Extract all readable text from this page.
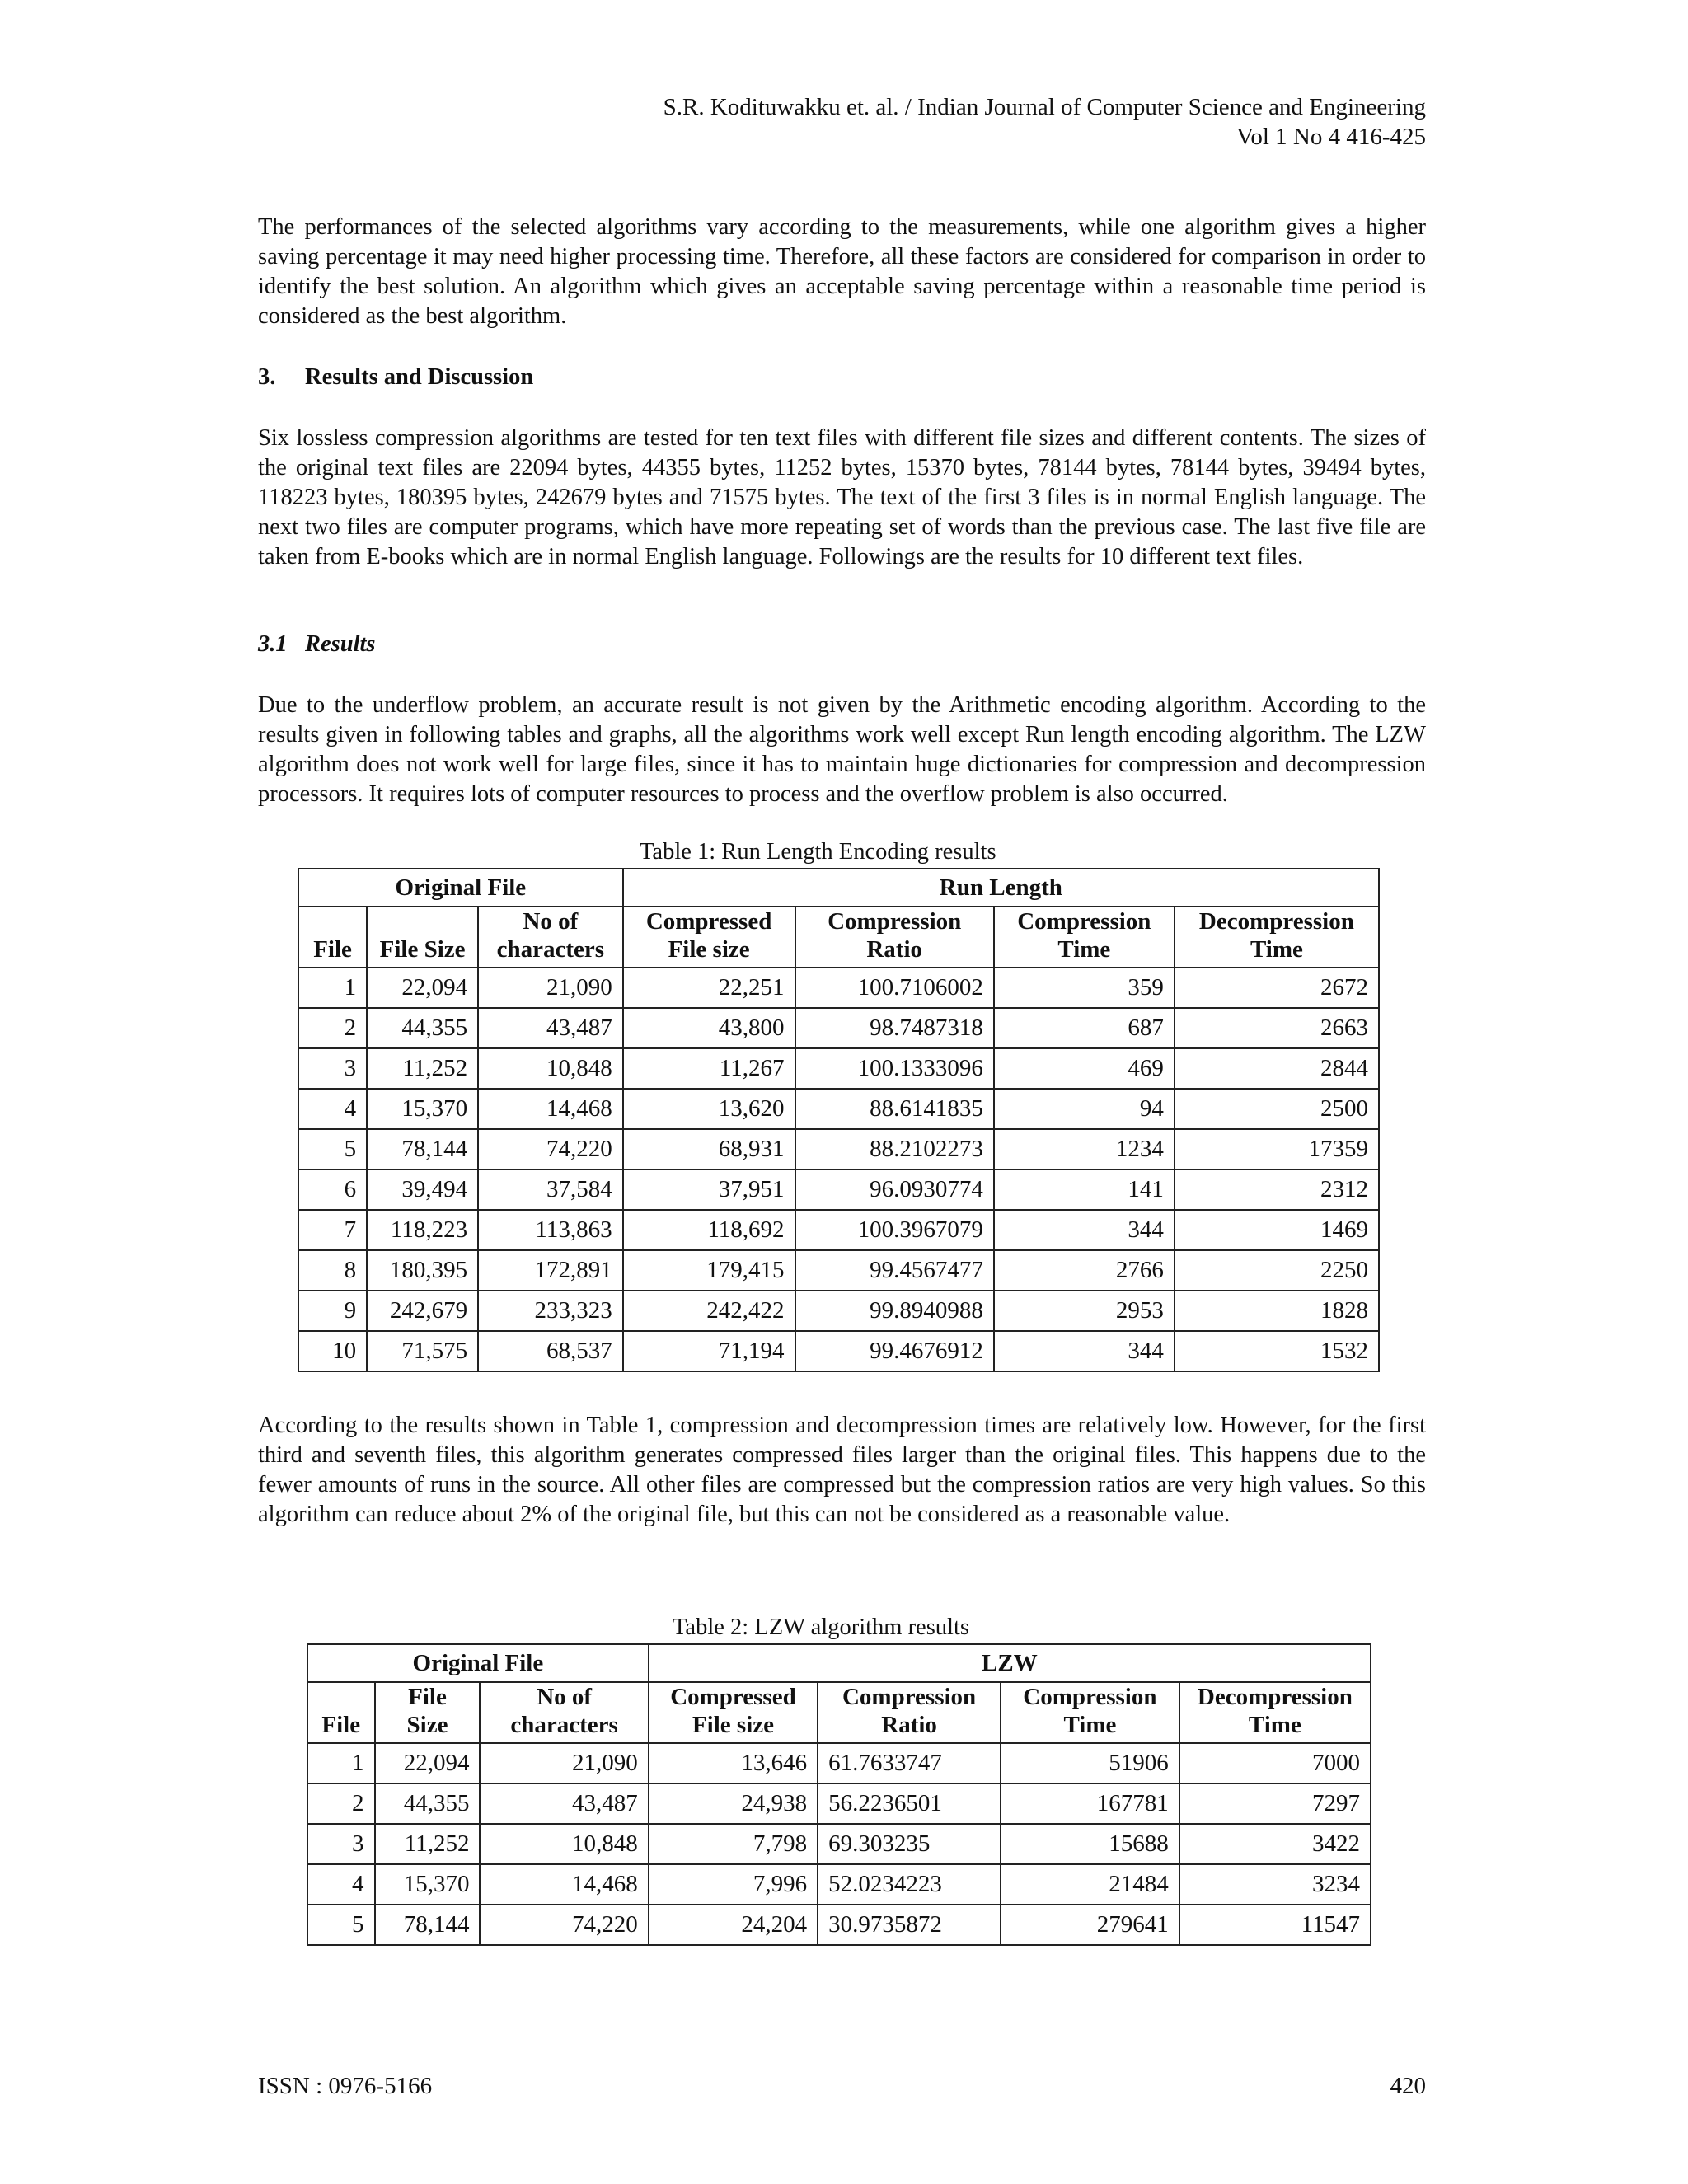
S.R. Kodituwakku et. al. / Indian Journal of Computer Science and Engineering
Vol 1 No 4 416-425
The performances of the selected algorithms vary according to the measurements, while one algorithm gives a higher saving percentage it may need higher processing time. Therefore, all these factors are considered for comparison in order to identify the best solution. An algorithm which gives an acceptable saving percentage within a reasonable time period is considered as the best algorithm.
3. Results and Discussion
Six lossless compression algorithms are tested for ten text files with different file sizes and different contents. The sizes of the original text files are 22094 bytes, 44355 bytes, 11252 bytes, 15370 bytes, 78144 bytes, 78144 bytes, 39494 bytes, 118223 bytes, 180395 bytes, 242679 bytes and 71575 bytes. The text of the first 3 files is in normal English language. The next two files are computer programs, which have more repeating set of words than the previous case. The last five file are taken from E-books which are in normal English language. Followings are the results for 10 different text files.
3.1 Results
Due to the underflow problem, an accurate result is not given by the Arithmetic encoding algorithm. According to the results given in following tables and graphs, all the algorithms work well except Run length encoding algorithm. The LZW algorithm does not work well for large files, since it has to maintain huge dictionaries for compression and decompression processors. It requires lots of computer resources to process and the overflow problem is also occurred.
Table 1: Run Length Encoding results
Original File			Run Length			
File	File Size	No of characters	Compressed File size	Compression Ratio	Compression Time	Decompression Time
1	22,094	21,090	22,251	100.7106002	359	2672
2	44,355	43,487	43,800	98.7487318	687	2663
3	11,252	10,848	11,267	100.1333096	469	2844
4	15,370	14,468	13,620	88.6141835	94	2500
5	78,144	74,220	68,931	88.2102273	1234	17359
6	39,494	37,584	37,951	96.0930774	141	2312
7	118,223	113,863	118,692	100.3967079	344	1469
8	180,395	172,891	179,415	99.4567477	2766	2250
9	242,679	233,323	242,422	99.8940988	2953	1828
10	71,575	68,537	71,194	99.4676912	344	1532
According to the results shown in Table 1, compression and decompression times are relatively low. However, for the first third and seventh files, this algorithm generates compressed files larger than the original files. This happens due to the fewer amounts of runs in the source. All other files are compressed but the compression ratios are very high values. So this algorithm can reduce about 2% of the original file, but this can not be considered as a reasonable value.
Table 2: LZW algorithm results
Original File			LZW			
File	File Size	No of characters	Compressed File size	Compression Ratio	Compression Time	Decompression Time
1	22,094	21,090	13,646	61.7633747	51906	7000
2	44,355	43,487	24,938	56.2236501	167781	7297
3	11,252	10,848	7,798	69.303235	15688	3422
4	15,370	14,468	7,996	52.0234223	21484	3234
5	78,144	74,220	24,204	30.9735872	279641	11547
ISSN : 0976-5166	420
